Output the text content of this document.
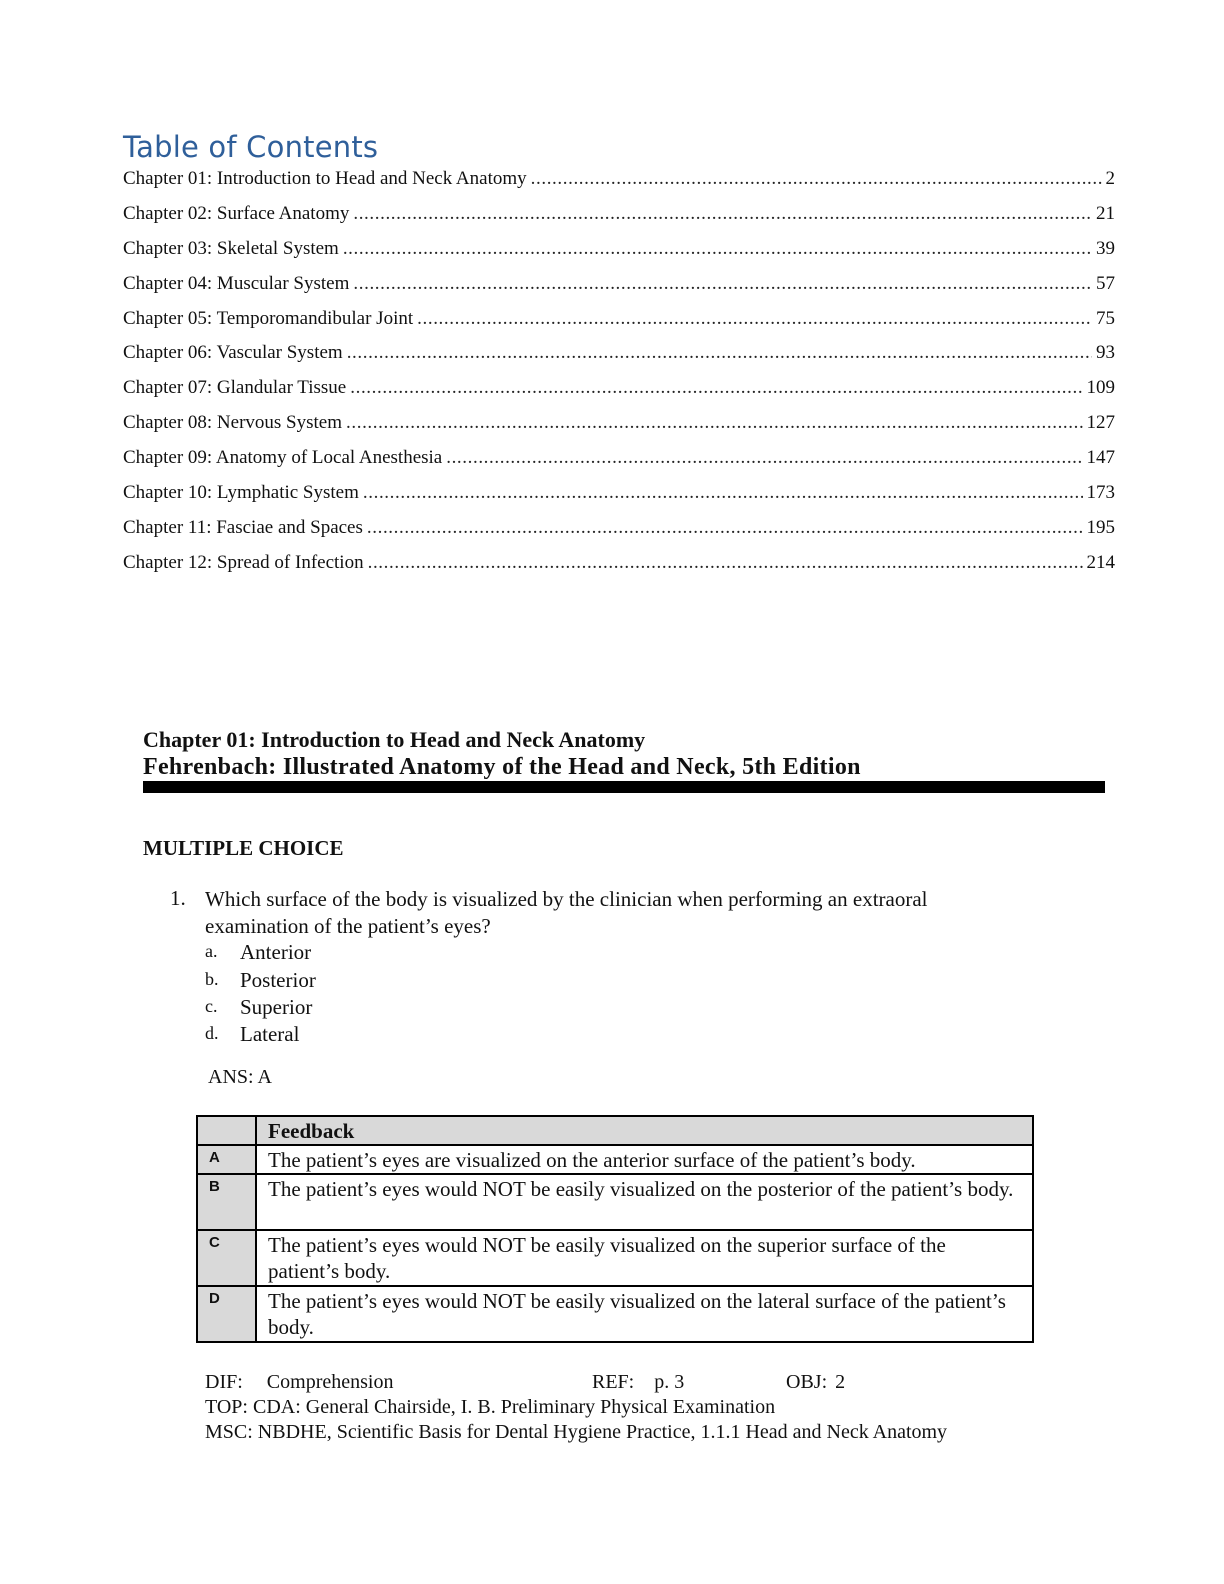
Table of Contents
Chapter 01: Introduction to Head and Neck Anatomy .....	2
Chapter 02: Surface Anatomy .....	21
Chapter 03: Skeletal System .....	39
Chapter 04: Muscular System .....	57
Chapter 05: Temporomandibular Joint .....	75
Chapter 06: Vascular System .....	93
Chapter 07: Glandular Tissue .....	109
Chapter 08: Nervous System .....	127
Chapter 09: Anatomy of Local Anesthesia .....	147
Chapter 10: Lymphatic System .....	173
Chapter 11: Fasciae and Spaces .....	195
Chapter 12: Spread of Infection .....	214
Chapter 01: Introduction to Head and Neck Anatomy
Fehrenbach: Illustrated Anatomy of the Head and Neck, 5th Edition
MULTIPLE CHOICE
1. Which surface of the body is visualized by the clinician when performing an extraoral examination of the patient’s eyes?
a.	Anterior
b.	Posterior
c.	Superior
d.	Lateral
ANS: A
	Feedback
A	The patient’s eyes are visualized on the anterior surface of the patient’s body.
B	The patient’s eyes would NOT be easily visualized on the posterior of the patient’s body.
C	The patient’s eyes would NOT be easily visualized on the superior surface of the patient’s body.
D	The patient’s eyes would NOT be easily visualized on the lateral surface of the patient’s body.
DIF: Comprehension	REF: p. 3	OBJ: 2
TOP: CDA: General Chairside, I. B. Preliminary Physical Examination
MSC: NBDHE, Scientific Basis for Dental Hygiene Practice, 1.1.1 Head and Neck Anatomy
